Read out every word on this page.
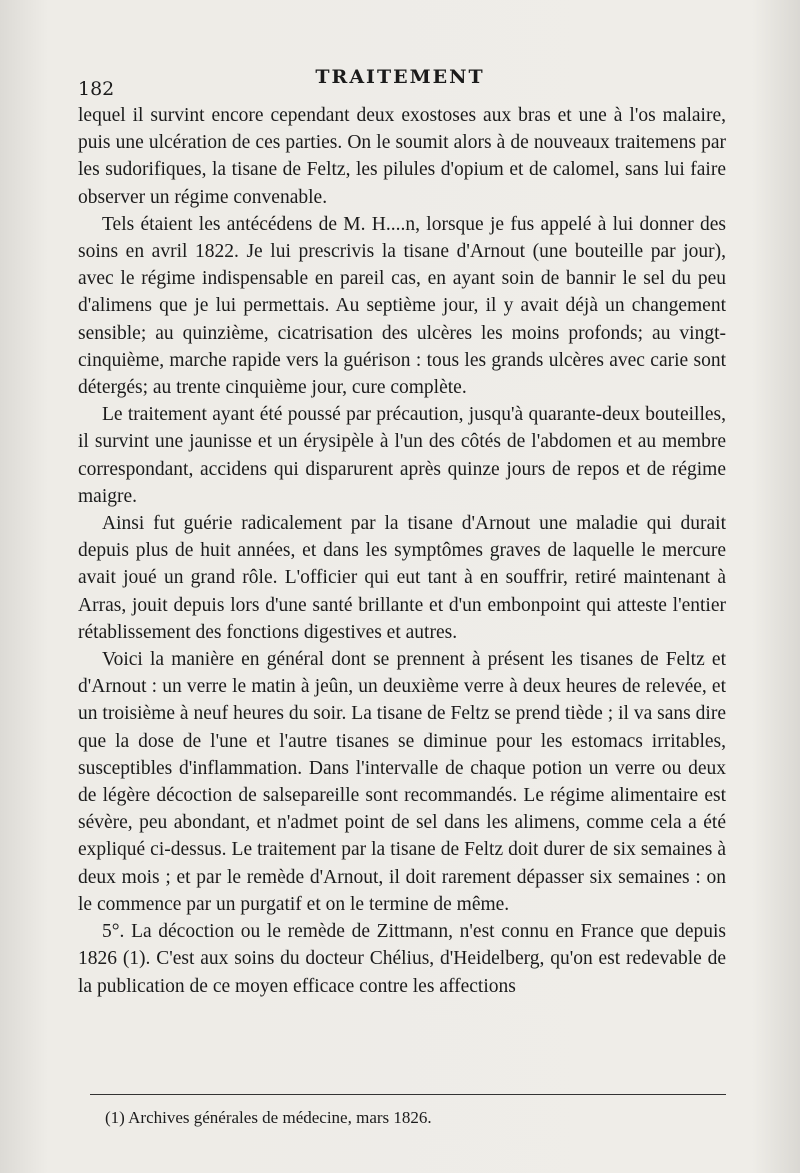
182
TRAITEMENT

lequel il survint encore cependant deux exostoses aux bras et une à l'os malaire, puis une ulcération de ces parties. On le soumit alors à de nouveaux traitemens par les sudorifiques, la tisane de Feltz, les pilules d'opium et de calomel, sans lui faire observer un régime convenable.

Tels étaient les antécédens de M. H....n, lorsque je fus appelé à lui donner des soins en avril 1822. Je lui prescrivis la tisane d'Arnout (une bouteille par jour), avec le régime indispensable en pareil cas, en ayant soin de bannir le sel du peu d'alimens que je lui permettais. Au septième jour, il y avait déjà un changement sensible; au quinzième, cicatrisation des ulcères les moins profonds; au vingt-cinquième, marche rapide vers la guérison : tous les grands ulcères avec carie sont détergés; au trente cinquième jour, cure complète.

Le traitement ayant été poussé par précaution, jusqu'à quarante-deux bouteilles, il survint une jaunisse et un érysipèle à l'un des côtés de l'abdomen et au membre correspondant, accidens qui disparurent après quinze jours de repos et de régime maigre.

Ainsi fut guérie radicalement par la tisane d'Arnout une maladie qui durait depuis plus de huit années, et dans les symptômes graves de laquelle le mercure avait joué un grand rôle. L'officier qui eut tant à en souffrir, retiré maintenant à Arras, jouit depuis lors d'une santé brillante et d'un embonpoint qui atteste l'entier rétablissement des fonctions digestives et autres.

Voici la manière en général dont se prennent à présent les tisanes de Feltz et d'Arnout : un verre le matin à jeûn, un deuxième verre à deux heures de relevée, et un troisième à neuf heures du soir. La tisane de Feltz se prend tiède ; il va sans dire que la dose de l'une et l'autre tisanes se diminue pour les estomacs irritables, susceptibles d'inflammation. Dans l'intervalle de chaque potion un verre ou deux de légère décoction de salsepareille sont recommandés. Le régime alimentaire est sévère, peu abondant, et n'admet point de sel dans les alimens, comme cela a été expliqué ci-dessus. Le traitement par la tisane de Feltz doit durer de six semaines à deux mois ; et par le remède d'Arnout, il doit rarement dépasser six semaines : on le commence par un purgatif et on le termine de même.

5°. La décoction ou le remède de Zittmann, n'est connu en France que depuis 1826 (1). C'est aux soins du docteur Chélius, d'Heidelberg, qu'on est redevable de la publication de ce moyen efficace contre les affections

(1) Archives générales de médecine, mars 1826.
